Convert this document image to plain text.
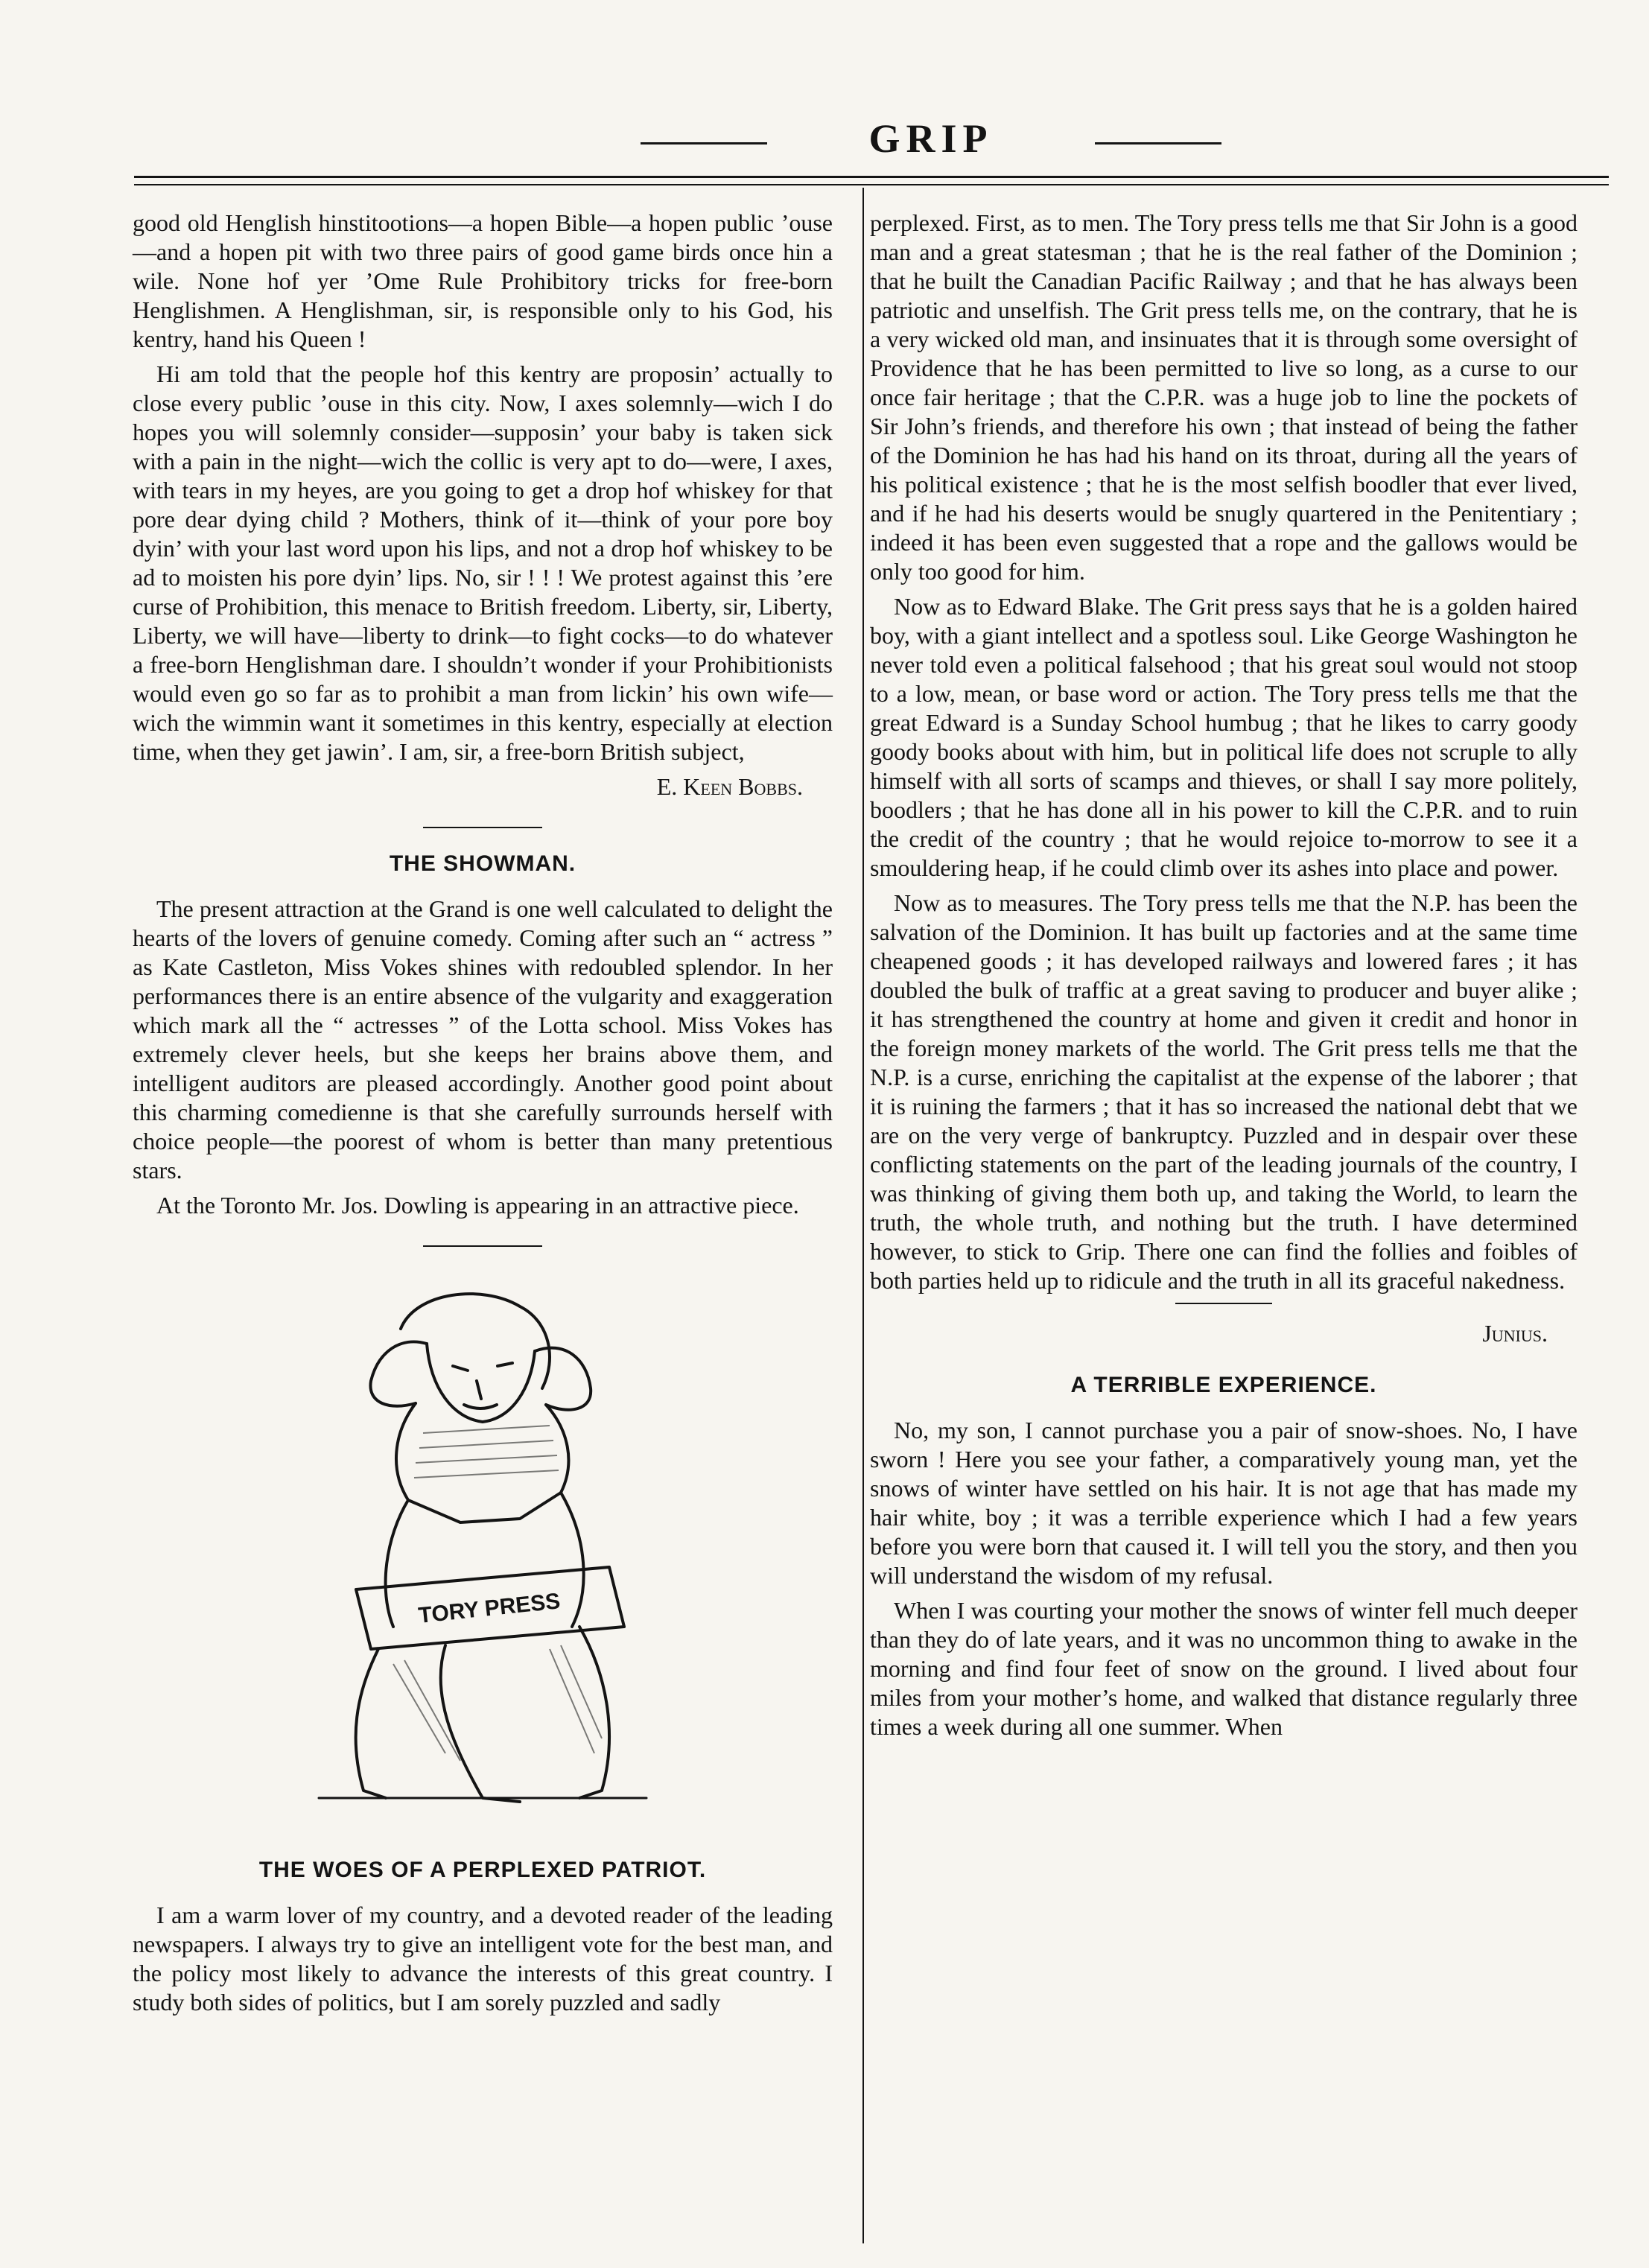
GRIP

good old Henglish hinstitootions—a hopen Bible—a hopen public ’ouse—and a hopen pit with two three pairs of good game birds once hin a wile. None hof yer ’Ome Rule Prohibitory tricks for free-born Henglishmen. A Henglishman, sir, is responsible only to his God, his kentry, hand his Queen !

Hi am told that the people hof this kentry are proposin’ actually to close every public ’ouse in this city. Now, I axes solemnly—wich I do hopes you will solemnly consider—supposin’ your baby is taken sick with a pain in the night—wich the collic is very apt to do—were, I axes, with tears in my heyes, are you going to get a drop hof whiskey for that pore dear dying child ? Mothers, think of it—think of your pore boy dyin’ with your last word upon his lips, and not a drop hof whiskey to be ad to moisten his pore dyin’ lips. No, sir ! ! ! We protest against this ’ere curse of Prohibition, this menace to British freedom. Liberty, sir, Liberty, Liberty, we will have—liberty to drink—to fight cocks—to do whatever a free-born Henglishman dare. I shouldn’t wonder if your Prohibitionists would even go so far as to prohibit a man from lickin’ his own wife—wich the wimmin want it sometimes in this kentry, especially at election time, when they get jawin’. I am, sir, a free-born British subject,

E. Keen Bobbs.
THE SHOWMAN.

The present attraction at the Grand is one well calculated to delight the hearts of the lovers of genuine comedy. Coming after such an “ actress ” as Kate Castleton, Miss Vokes shines with redoubled splendor. In her performances there is an entire absence of the vulgarity and exaggeration which mark all the “ actresses ” of the Lotta school. Miss Vokes has extremely clever heels, but she keeps her brains above them, and intelligent auditors are pleased accordingly. Another good point about this charming comedienne is that she carefully surrounds herself with choice people—the poorest of whom is better than many pretentious stars.

At the Toronto Mr. Jos. Dowling is appearing in an attractive piece.

TORY PRESS
THE WOES OF A PERPLEXED PATRIOT.

I am a warm lover of my country, and a devoted reader of the leading newspapers. I always try to give an intelligent vote for the best man, and the policy most likely to advance the interests of this great country. I study both sides of politics, but I am sorely puzzled and sadly

perplexed. First, as to men. The Tory press tells me that Sir John is a good man and a great statesman ; that he is the real father of the Dominion ; that he built the Canadian Pacific Railway ; and that he has always been patriotic and unselfish. The Grit press tells me, on the contrary, that he is a very wicked old man, and insinuates that it is through some oversight of Providence that he has been permitted to live so long, as a curse to our once fair heritage ; that the C.P.R. was a huge job to line the pockets of Sir John’s friends, and therefore his own ; that instead of being the father of the Dominion he has had his hand on its throat, during all the years of his political existence ; that he is the most selfish boodler that ever lived, and if he had his deserts would be snugly quartered in the Penitentiary ; indeed it has been even suggested that a rope and the gallows would be only too good for him.

Now as to Edward Blake. The Grit press says that he is a golden haired boy, with a giant intellect and a spotless soul. Like George Washington he never told even a political falsehood ; that his great soul would not stoop to a low, mean, or base word or action. The Tory press tells me that the great Edward is a Sunday School humbug ; that he likes to carry goody goody books about with him, but in political life does not scruple to ally himself with all sorts of scamps and thieves, or shall I say more politely, boodlers ; that he has done all in his power to kill the C.P.R. and to ruin the credit of the country ; that he would rejoice to-morrow to see it a smouldering heap, if he could climb over its ashes into place and power.

Now as to measures. The Tory press tells me that the N.P. has been the salvation of the Dominion. It has built up factories and at the same time cheapened goods ; it has developed railways and lowered fares ; it has doubled the bulk of traffic at a great saving to producer and buyer alike ; it has strengthened the country at home and given it credit and honor in the foreign money markets of the world. The Grit press tells me that the N.P. is a curse, enriching the capitalist at the expense of the laborer ; that it is ruining the farmers ; that it has so increased the national debt that we are on the very verge of bankruptcy. Puzzled and in despair over these conflicting statements on the part of the leading journals of the country, I was thinking of giving them both up, and taking the World, to learn the truth, the whole truth, and nothing but the truth. I have determined however, to stick to Grip. There one can find the follies and foibles of both parties held up to ridicule and the truth in all its graceful nakedness.

Junius.
A TERRIBLE EXPERIENCE.

No, my son, I cannot purchase you a pair of snow-shoes. No, I have sworn ! Here you see your father, a comparatively young man, yet the snows of winter have settled on his hair. It is not age that has made my hair white, boy ; it was a terrible experience which I had a few years before you were born that caused it. I will tell you the story, and then you will understand the wisdom of my refusal.

When I was courting your mother the snows of winter fell much deeper than they do of late years, and it was no uncommon thing to awake in the morning and find four feet of snow on the ground. I lived about four miles from your mother’s home, and walked that distance regularly three times a week during all one summer. When
